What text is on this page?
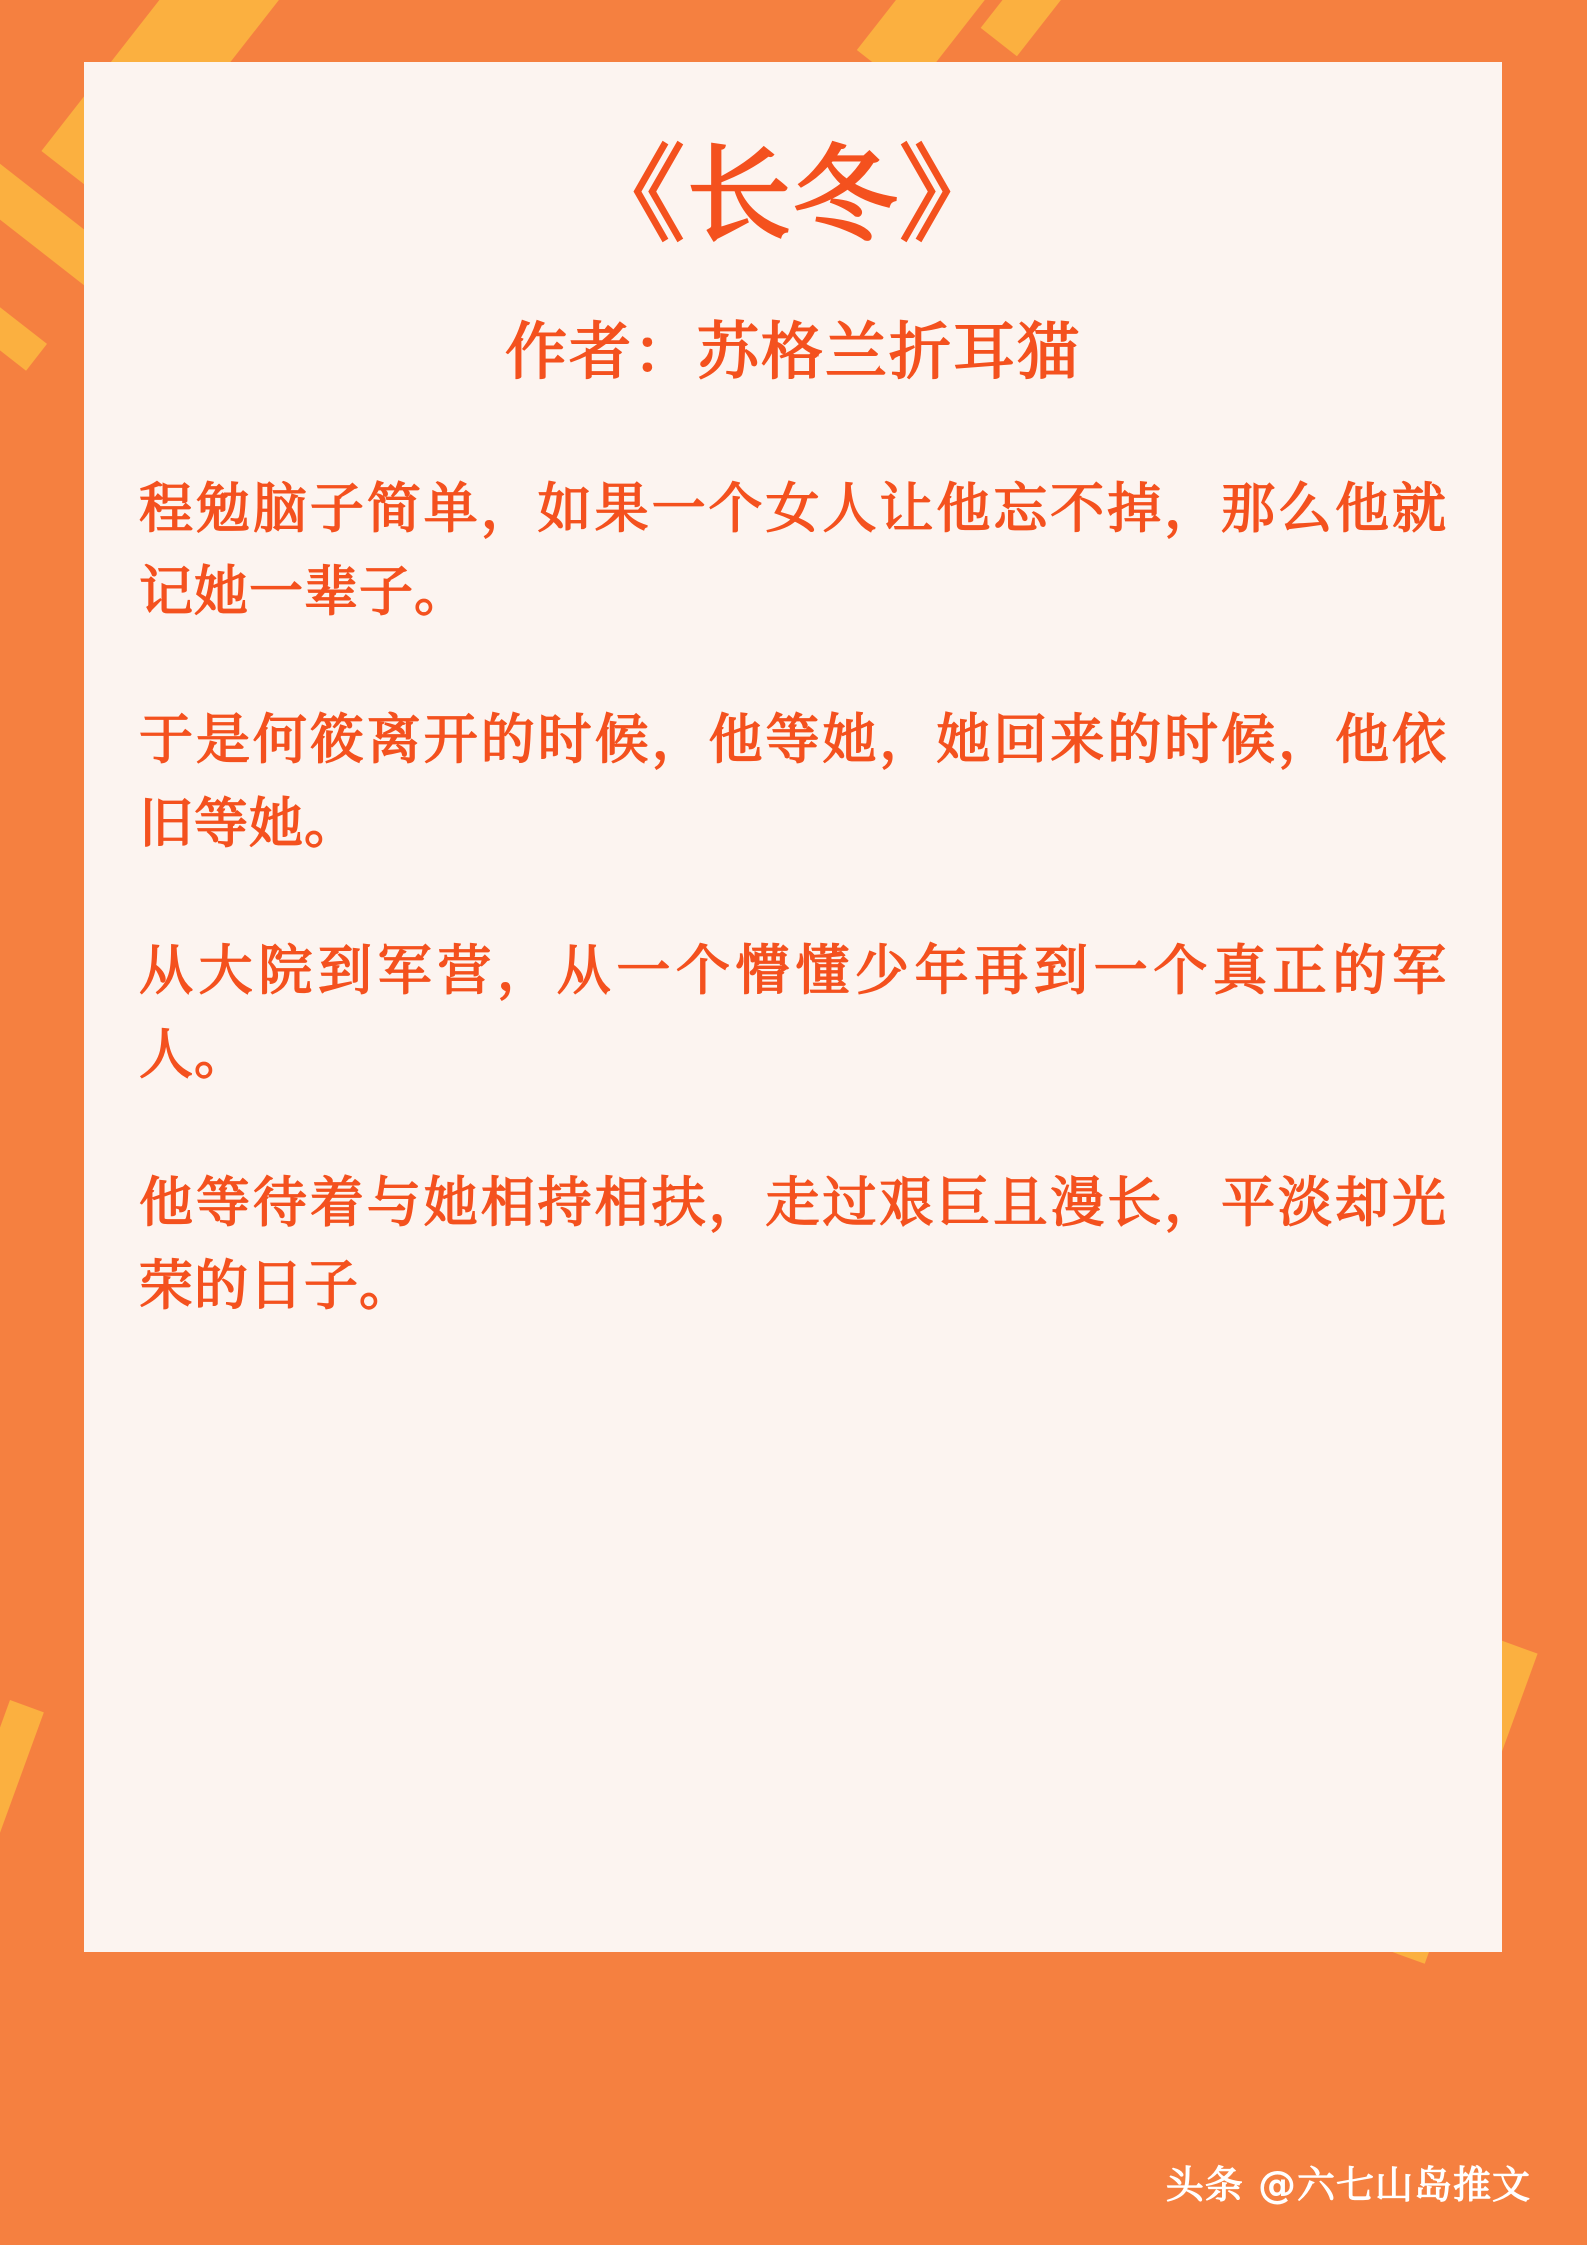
《长冬》
作者：苏格兰折耳猫

程勉脑子简单，如果一个女人让他忘不掉，那么他就记她一辈子。

于是何筱离开的时候，他等她，她回来的时候，他依旧等她。

从大院到军营，从一个懵懂少年再到一个真正的军人。

他等待着与她相持相扶，走过艰巨且漫长，平淡却光荣的日子。

头条 @六七山岛推文
